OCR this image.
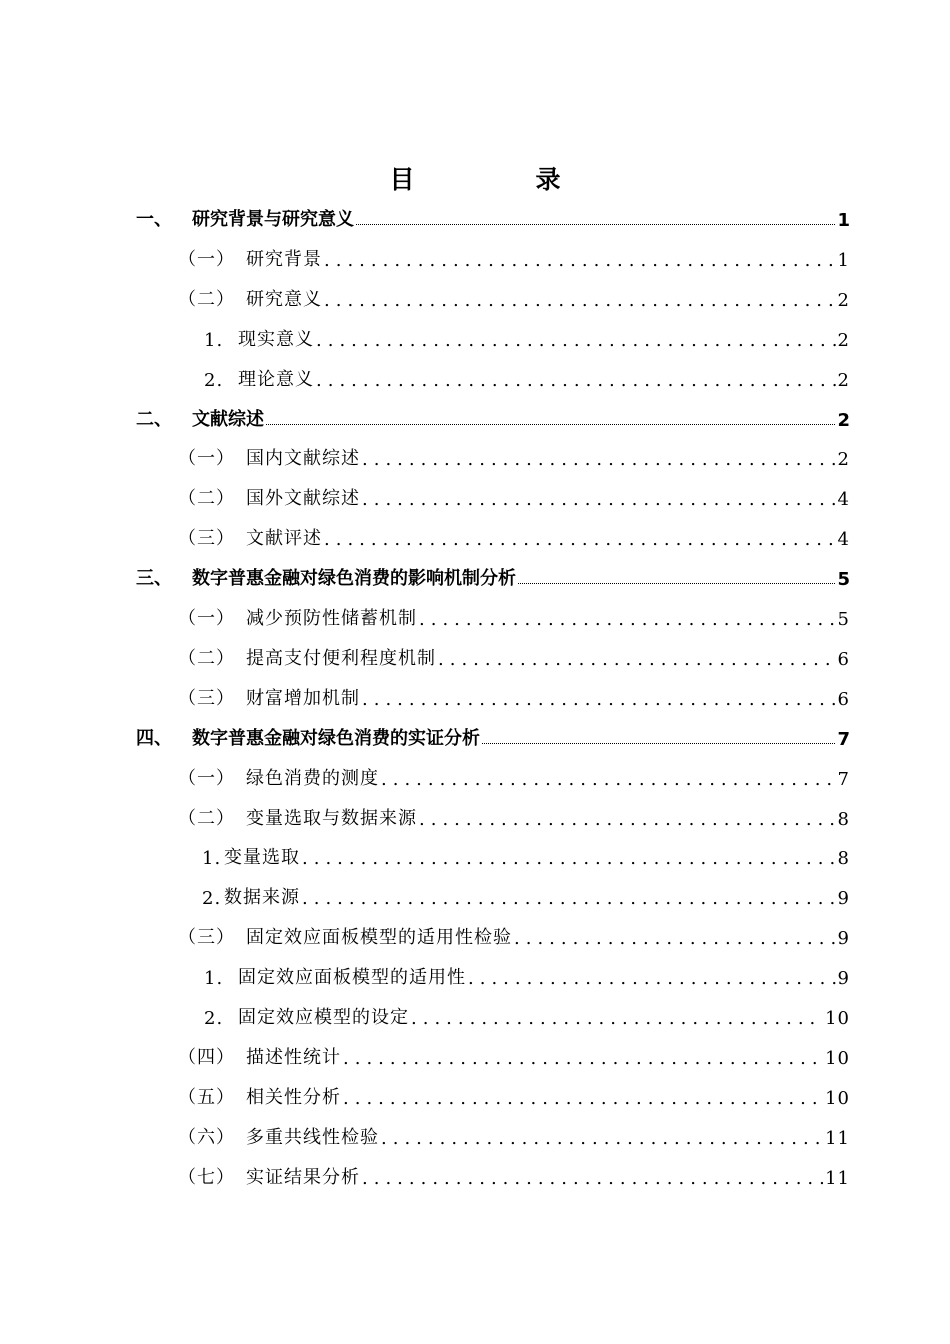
目　录
一、	研究背景与研究意义	1
（一） 研究背景 .....	1
（二） 研究意义 .....	2
1. 现实意义 .....	2
2. 理论意义 .....	2
二、	文献综述	2
（一） 国内文献综述 .....	2
（二） 国外文献综述 .....	4
（三） 文献评述 .....	4
三、	数字普惠金融对绿色消费的影响机制分析	5
（一） 减少预防性储蓄机制 .....	5
（二） 提高支付便利程度机制 .....	6
（三） 财富增加机制 .....	6
四、	数字普惠金融对绿色消费的实证分析	7
（一） 绿色消费的测度 .....	7
（二） 变量选取与数据来源 .....	8
1. 变量选取 .....	8
2. 数据来源 .....	9
（三） 固定效应面板模型的适用性检验 .....	9
1. 固定效应面板模型的适用性 .....	9
2. 固定效应模型的设定 .....	10
（四） 描述性统计 .....	10
（五） 相关性分析 .....	10
（六） 多重共线性检验 .....	11
（七） 实证结果分析 .....	11
